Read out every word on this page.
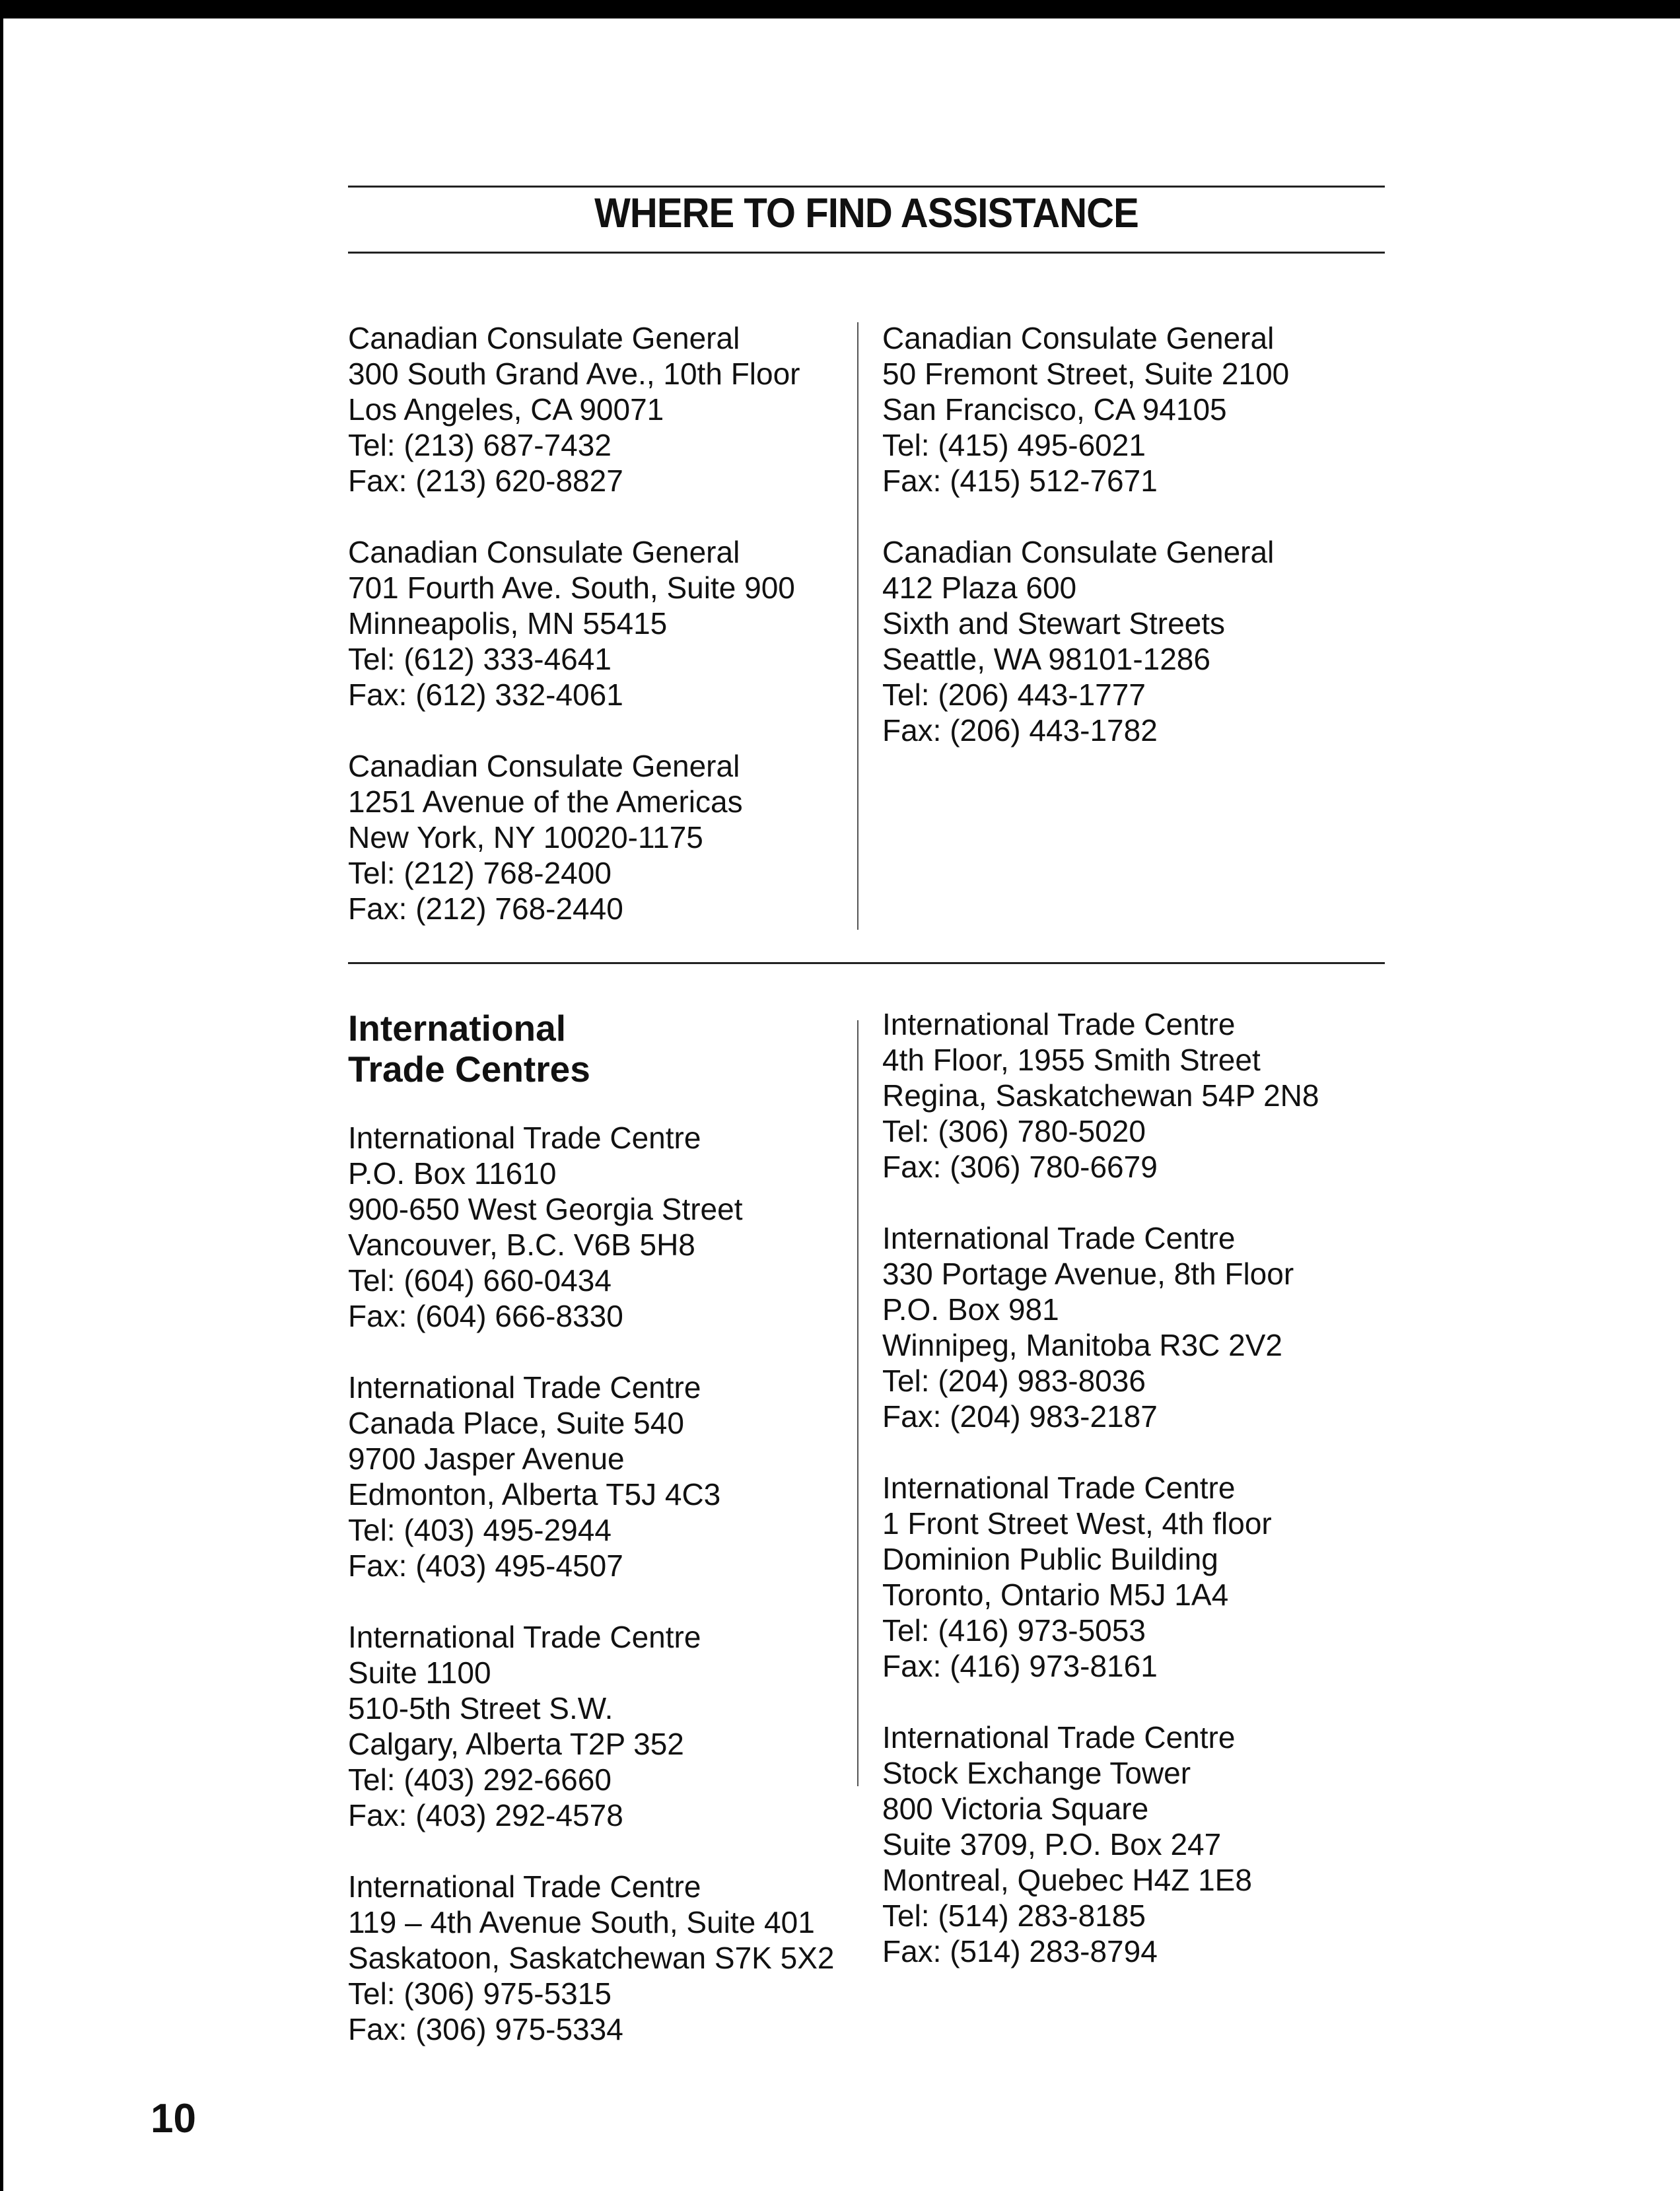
WHERE TO FIND ASSISTANCE
Canadian Consulate General
300 South Grand Ave., 10th Floor
Los Angeles, CA 90071
Tel: (213) 687-7432
Fax: (213) 620-8827
Canadian Consulate General
701 Fourth Ave. South, Suite 900
Minneapolis, MN 55415
Tel: (612) 333-4641
Fax: (612) 332-4061
Canadian Consulate General
1251 Avenue of the Americas
New York, NY 10020-1175
Tel: (212) 768-2400
Fax: (212) 768-2440
Canadian Consulate General
50 Fremont Street, Suite 2100
San Francisco, CA 94105
Tel: (415) 495-6021
Fax: (415) 512-7671
Canadian Consulate General
412 Plaza 600
Sixth and Stewart Streets
Seattle, WA 98101-1286
Tel: (206) 443-1777
Fax: (206) 443-1782
International
Trade Centres
International Trade Centre
P.O. Box 11610
900-650 West Georgia Street
Vancouver, B.C. V6B 5H8
Tel: (604) 660-0434
Fax: (604) 666-8330
International Trade Centre
Canada Place, Suite 540
9700 Jasper Avenue
Edmonton, Alberta T5J 4C3
Tel: (403) 495-2944
Fax: (403) 495-4507
International Trade Centre
Suite 1100
510-5th Street S.W.
Calgary, Alberta T2P 352
Tel: (403) 292-6660
Fax: (403) 292-4578
International Trade Centre
119 – 4th Avenue South, Suite 401
Saskatoon, Saskatchewan S7K 5X2
Tel: (306) 975-5315
Fax: (306) 975-5334
International Trade Centre
4th Floor, 1955 Smith Street
Regina, Saskatchewan 54P 2N8
Tel: (306) 780-5020
Fax: (306) 780-6679
International Trade Centre
330 Portage Avenue, 8th Floor
P.O. Box 981
Winnipeg, Manitoba R3C 2V2
Tel: (204) 983-8036
Fax: (204) 983-2187
International Trade Centre
1 Front Street West, 4th floor
Dominion Public Building
Toronto, Ontario M5J 1A4
Tel: (416) 973-5053
Fax: (416) 973-8161
International Trade Centre
Stock Exchange Tower
800 Victoria Square
Suite 3709, P.O. Box 247
Montreal, Quebec H4Z 1E8
Tel: (514) 283-8185
Fax: (514) 283-8794
10
